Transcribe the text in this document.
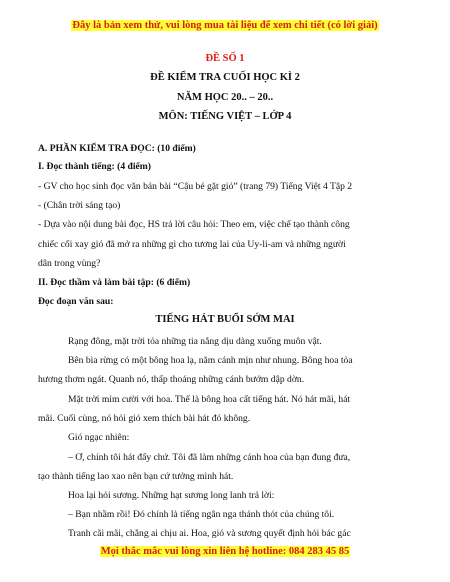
Đây là bản xem thử, vui lòng mua tài liệu để xem chi tiết (có lời giải)
ĐỀ SỐ 1
ĐỀ KIỂM TRA CUỐI HỌC KÌ 2
NĂM HỌC 20.. – 20..
MÔN: TIẾNG VIỆT – LỚP 4
A. PHẦN KIỂM TRA ĐỌC: (10 điểm)
I. Đọc thành tiếng: (4 điểm)
- GV cho học sinh đọc văn bản bài “Cậu bé gặt gió” (trang 79) Tiếng Việt 4 Tập 2
- (Chân trời sáng tạo)
- Dựa vào nội dung bài đọc, HS trả lời câu hỏi: Theo em, việc chế tạo thành công
chiếc cối xay gió đã mở ra những gì cho tương lai của Uy-li-am và những người
dân trong vùng?
II. Đọc thầm và làm bài tập: (6 điểm)
Đọc đoạn văn sau:
TIẾNG HÁT BUỔI SỚM MAI
Rạng đông, mặt trời tỏa những tia nắng dịu dàng xuống muôn vật.
Bên bìa rừng có một bông hoa lạ, năm cánh mịn như nhung. Bông hoa tỏa
hương thơm ngát. Quanh nó, thấp thoáng những cánh bướm dập dờn.
Mặt trời mỉm cười với hoa. Thế là bông hoa cất tiếng hát. Nó hát mãi, hát
mãi. Cuối cùng, nó hỏi gió xem thích bài hát đó không.
Gió ngạc nhiên:
– Ơ, chính tôi hát đấy chứ. Tôi đã làm những cánh hoa của bạn đung đưa,
tạo thành tiếng lao xao nên bạn cứ tưởng mình hát.
Hoa lại hỏi sương. Những hạt sương long lanh trả lời:
– Bạn nhầm rồi! Đó chính là tiếng ngân nga thánh thót của chúng tôi.
Tranh cãi mãi, chẳng ai chịu ai. Hoa, gió và sương quyết định hỏi bác gác
Mọi thắc mắc vui lòng xin liên hệ hotline: 084 283 45 85
